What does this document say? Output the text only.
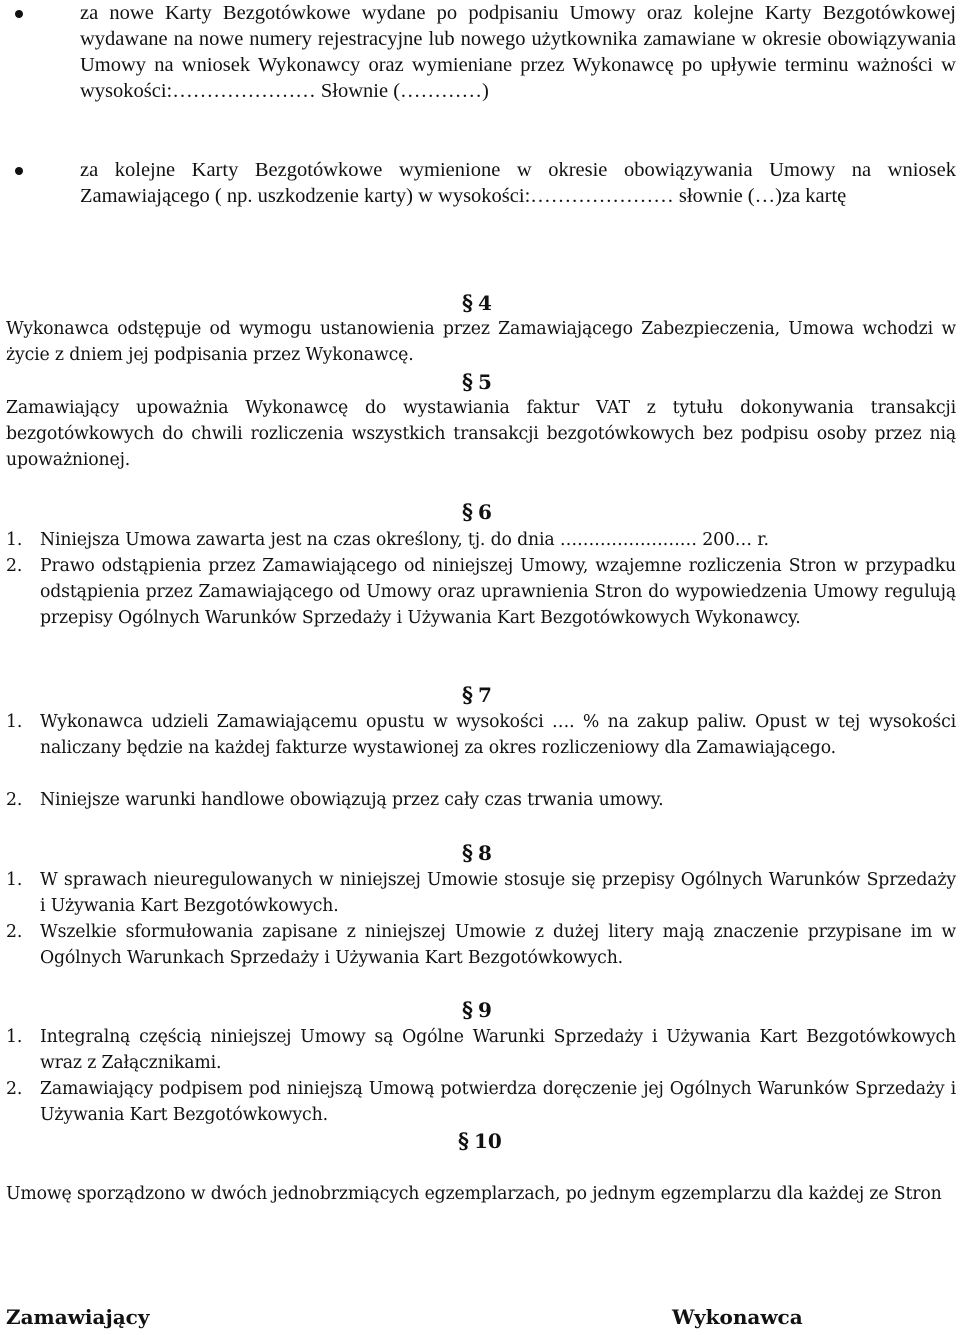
za nowe Karty Bezgotówkowe wydane po podpisaniu Umowy oraz kolejne Karty Bezgotówkowej wydawane na nowe numery rejestracyjne lub nowego użytkownika zamawiane w okresie obowiązywania Umowy na wniosek Wykonawcy oraz wymieniane przez Wykonawcę po upływie terminu ważności w wysokości:………………… Słownie (…………)
za kolejne Karty Bezgotówkowe wymienione w okresie obowiązywania Umowy na wniosek Zamawiającego ( np. uszkodzenie karty) w wysokości:………………… słownie (…)za kartę
§ 4
Wykonawca odstępuje od wymogu ustanowienia przez Zamawiającego Zabezpieczenia, Umowa wchodzi w życie z dniem jej podpisania przez Wykonawcę.
§ 5
Zamawiający upoważnia Wykonawcę do wystawiania faktur VAT z tytułu dokonywania transakcji bezgotówkowych do chwili rozliczenia wszystkich transakcji bezgotówkowych bez podpisu osoby przez nią upoważnionej.
§ 6
1. Niniejsza Umowa zawarta jest na czas określony, tj. do dnia …………………… 200… r.
2. Prawo odstąpienia przez Zamawiającego od niniejszej Umowy, wzajemne rozliczenia Stron w przypadku odstąpienia przez Zamawiającego od Umowy oraz uprawnienia Stron do wypowiedzenia Umowy regulują przepisy Ogólnych Warunków Sprzedaży i Używania Kart Bezgotówkowych Wykonawcy.
§ 7
1. Wykonawca udzieli Zamawiającemu opustu w wysokości …. % na zakup paliw. Opust w tej wysokości naliczany będzie na każdej fakturze wystawionej za okres rozliczeniowy dla Zamawiającego.
2. Niniejsze warunki handlowe obowiązują przez cały czas trwania umowy.
§ 8
1. W sprawach nieuregulowanych w niniejszej Umowie stosuje się przepisy Ogólnych Warunków Sprzedaży i Używania Kart Bezgotówkowych.
2. Wszelkie sformułowania zapisane z niniejszej Umowie z dużej litery mają znaczenie przypisane im w Ogólnych Warunkach Sprzedaży i Używania Kart Bezgotówkowych.
§ 9
1. Integralną częścią niniejszej Umowy są Ogólne Warunki Sprzedaży i Używania Kart Bezgotówkowych wraz z Załącznikami.
2. Zamawiający podpisem pod niniejszą Umową potwierdza doręczenie jej Ogólnych Warunków Sprzedaży i Używania Kart Bezgotówkowych.
§ 10
Umowę sporządzono w dwóch jednobrzmiących egzemplarzach, po jednym egzemplarzu dla każdej ze Stron
Zamawiający	Wykonawca
